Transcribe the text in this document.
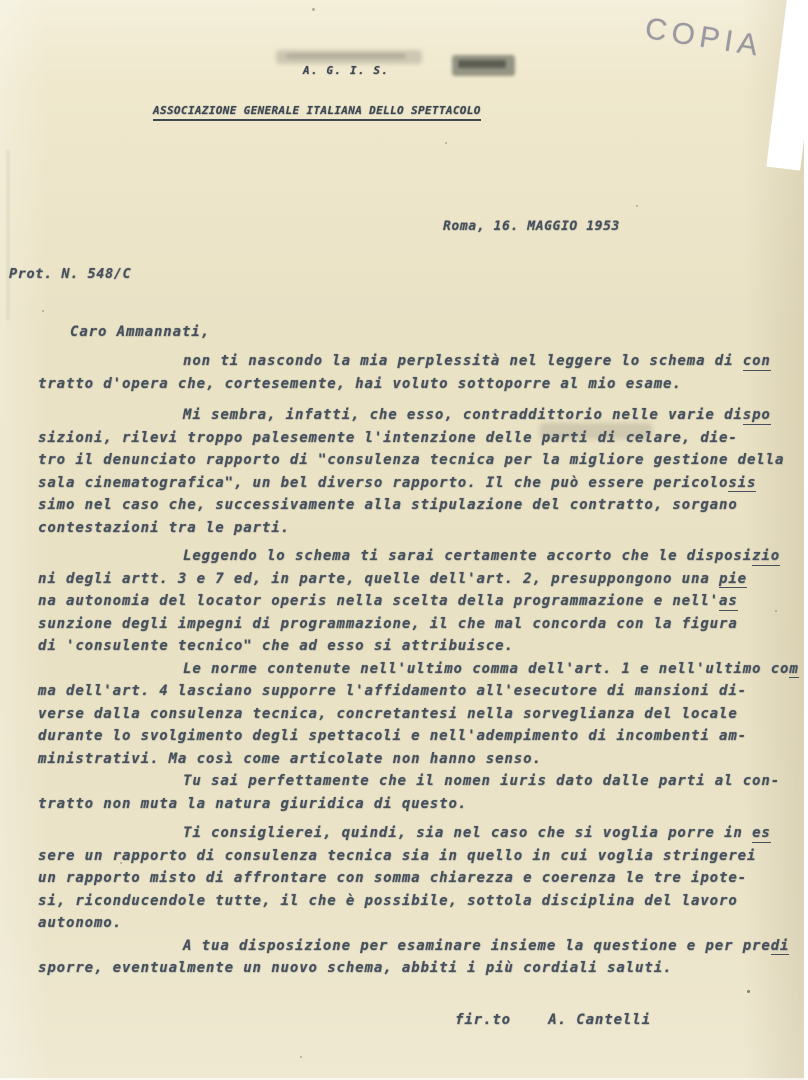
COPIA
A. G. I. S.
ASSOCIAZIONE GENERALE ITALIANA DELLO SPETTACOLO
Roma, 16. MAGGIO 1953
Prot. N. 548/C
Caro Ammannati,
non ti nascondo la mia perplessità nel leggere lo schema di con
tratto d'opera che, cortesemente, hai voluto sottoporre al mio esame.
Mi sembra, infatti, che esso, contraddittorio nelle varie dispo
sizioni, rilevi troppo palesemente l'intenzione delle parti di celare, die-
tro il denunciato rapporto di "consulenza tecnica per la migliore gestione della
sala cinematografica", un bel diverso rapporto. Il che può essere pericolosis
simo nel caso che, successivamente alla stipulazione del contratto, sorgano
contestazioni tra le parti.
Leggendo lo schema ti sarai certamente accorto che le disposizio
ni degli artt. 3 e 7 ed, in parte, quelle dell'art. 2, presuppongono una pie
na autonomia del locator operis nella scelta della programmazione e nell'as
sunzione degli impegni di programmazione, il che mal concorda con la figura
di 'consulente tecnico" che ad esso si attribuisce.
Le norme contenute nell'ultimo comma dell'art. 1 e nell'ultimo com
ma dell'art. 4 lasciano supporre l'affidamento all'esecutore di mansioni di-
verse dalla consulenza tecnica, concretantesi nella sorveglianza del locale
durante lo svolgimento degli spettacoli e nell'adempimento di incombenti am-
ministrativi. Ma così come articolate non hanno senso.
Tu sai perfettamente che il nomen iuris dato dalle parti al con-
tratto non muta la natura giuridica di questo.
Ti consiglierei, quindi, sia nel caso che si voglia porre in es
sere un rapporto di consulenza tecnica sia in quello in cui voglia stringerei
un rapporto misto di affrontare con somma chiarezza e coerenza le tre ipote-
si, riconducendole tutte, il che è possibile, sottola disciplina del lavoro
autonomo.
A tua disposizione per esaminare insieme la questione e per predi
sporre, eventualmente un nuovo schema, abbiti i più cordiali saluti.
fir.to    A. Cantelli
